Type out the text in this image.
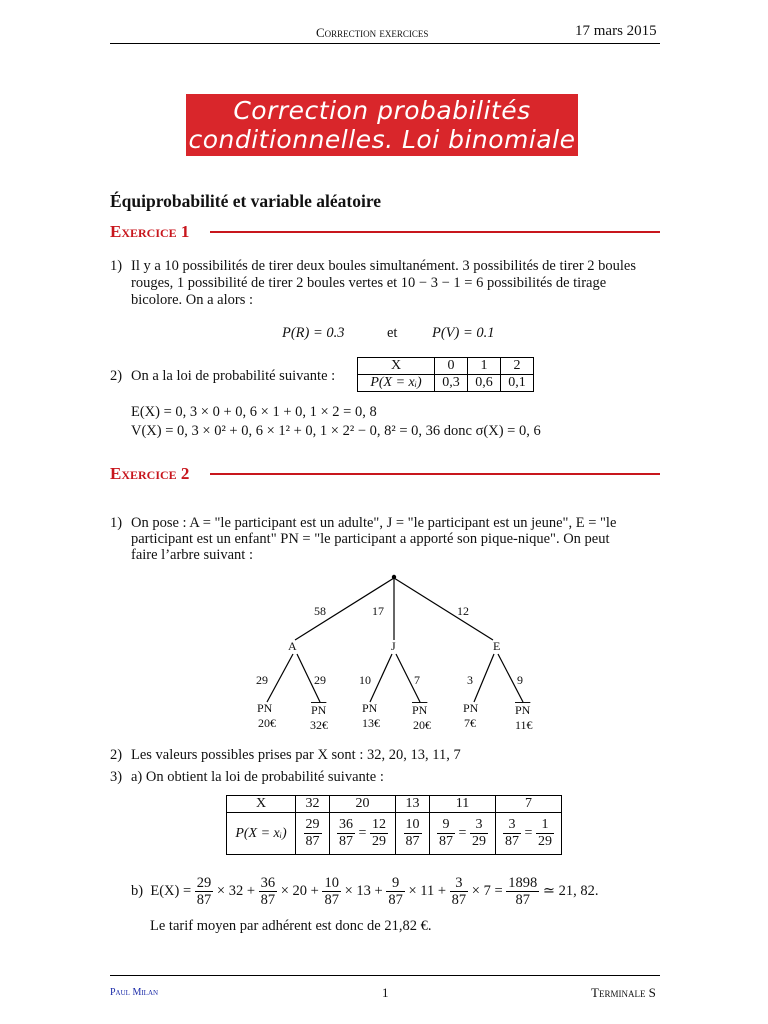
Correction exercices	17 mars 2015
Correction probabilités
conditionnelles. Loi binomiale
Équiprobabilité et variable aléatoire
Exercice 1
1) Il y a 10 possibilités de tirer deux boules simultanément. 3 possibilités de tirer 2 boules
rouges, 1 possibilité de tirer 2 boules vertes et 10 − 3 − 1 = 6 possibilités de tirage
bicolore. On a alors :
P(R) = 0.3	et P(V) = 0.1
2) On a la loi de probabilité suivante :
X	0	1	2
P(X = xᵢ)	0,3	0,6	0,1
E(X) = 0, 3 × 0 + 0, 6 × 1 + 0, 1 × 2 = 0, 8
V(X) = 0, 3 × 0² + 0, 6 × 1² + 0, 1 × 2² − 0, 8² = 0, 36 donc σ(X) = 0, 6
Exercice 2
1) On pose : A = "le participant est un adulte", J = "le participant est un jeune", E = "le
participant est un enfant" PN = "le participant a apporté son pique-nique". On peut
faire l’arbre suivant :
58	17	12
A	J	E
29	29	10	7	3	9
PN	$\overline{PN}$	PN	$\overline{PN}$	PN	$\overline{PN}$
20€	32€	13€	20€	7€	11€
2) Les valeurs possibles prises par X sont : 32, 20, 13, 11, 7
3) a) On obtient la loi de probabilité suivante :
X	32	20	13	11	7
P(X = xᵢ)	$\frac{29}{87}$	$\frac{36}{87} = \frac{12}{29}$	$\frac{10}{87}$	$\frac{9}{87} = \frac{3}{29}$	$\frac{3}{87} = \frac{1}{29}$
b) $E(X) = \frac{29}{87} \times 32 + \frac{36}{87} \times 20 + \frac{10}{87} \times 13 + \frac{9}{87} \times 11 + \frac{3}{87} \times 7 = \frac{1898}{87}$ ≃ 21, 82.
Le tarif moyen par adhérent est donc de 21,82 €.
Paul Milan	1	Terminale S
